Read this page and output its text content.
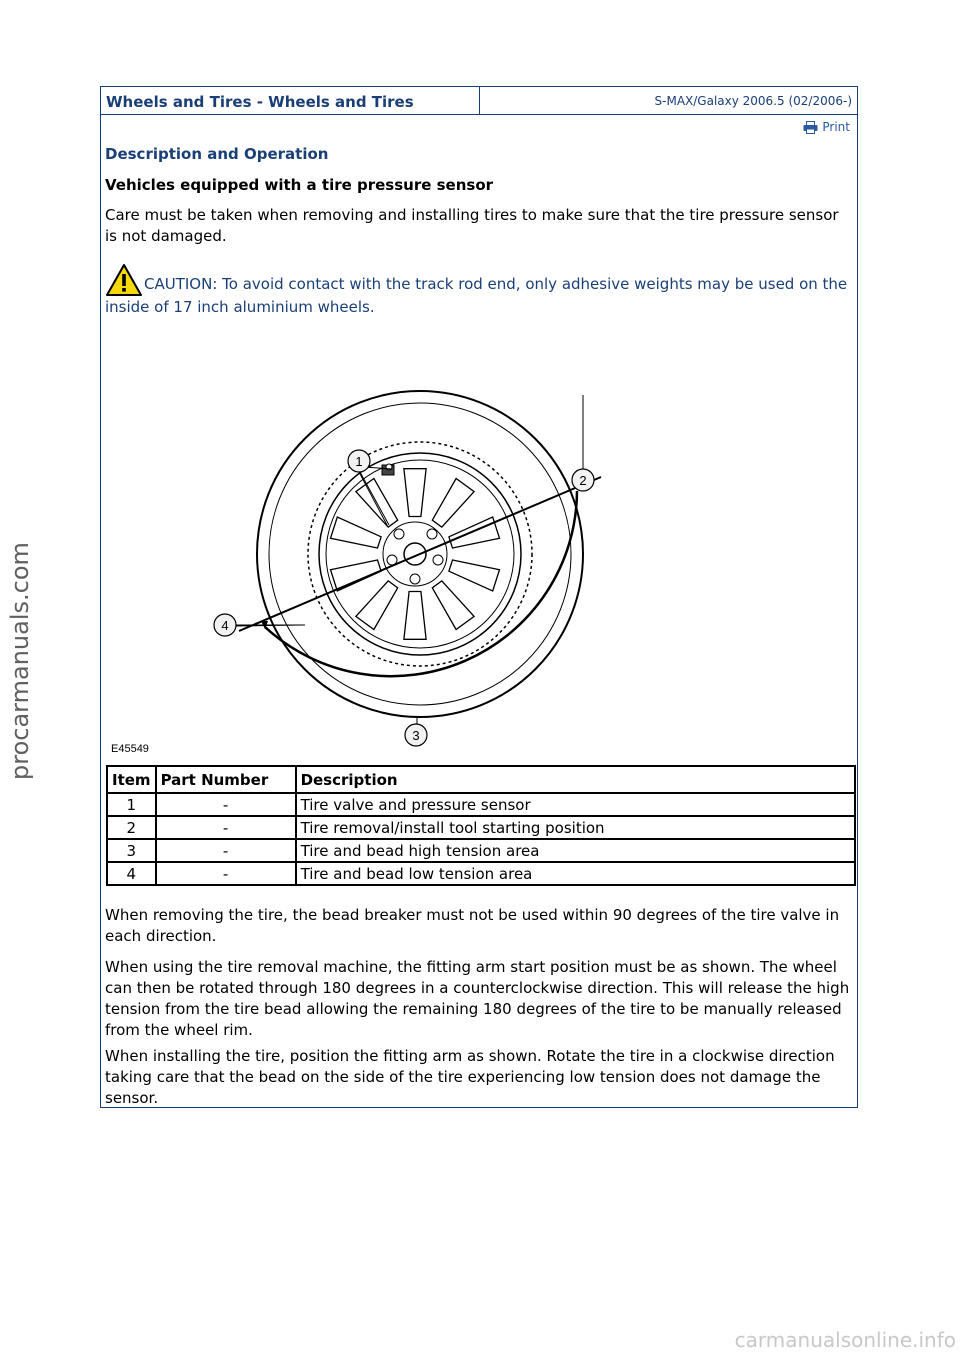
Wheels and Tires - Wheels and Tires	S-MAX/Galaxy 2006.5 (02/2006-)
Print
Description and Operation
Vehicles equipped with a tire pressure sensor

Care must be taken when removing and installing tires to make sure that the tire pressure sensor is not damaged.

CAUTION: To avoid contact with the track rod end, only adhesive weights may be used on the inside of 17 inch aluminium wheels.
1
2
3
4
E45549
Item	Part Number	Description
1	-	Tire valve and pressure sensor
2	-	Tire removal/install tool starting position
3	-	Tire and bead high tension area
4	-	Tire and bead low tension area

When removing the tire, the bead breaker must not be used within 90 degrees of the tire valve in each direction.

When using the tire removal machine, the fitting arm start position must be as shown. The wheel can then be rotated through 180 degrees in a counterclockwise direction. This will release the high tension from the tire bead allowing the remaining 180 degrees of the tire to be manually released from the wheel rim.

When installing the tire, position the fitting arm as shown. Rotate the tire in a clockwise direction taking care that the bead on the side of the tire experiencing low tension does not damage the sensor.

procarmanuals.com
carmanualsonline.info
